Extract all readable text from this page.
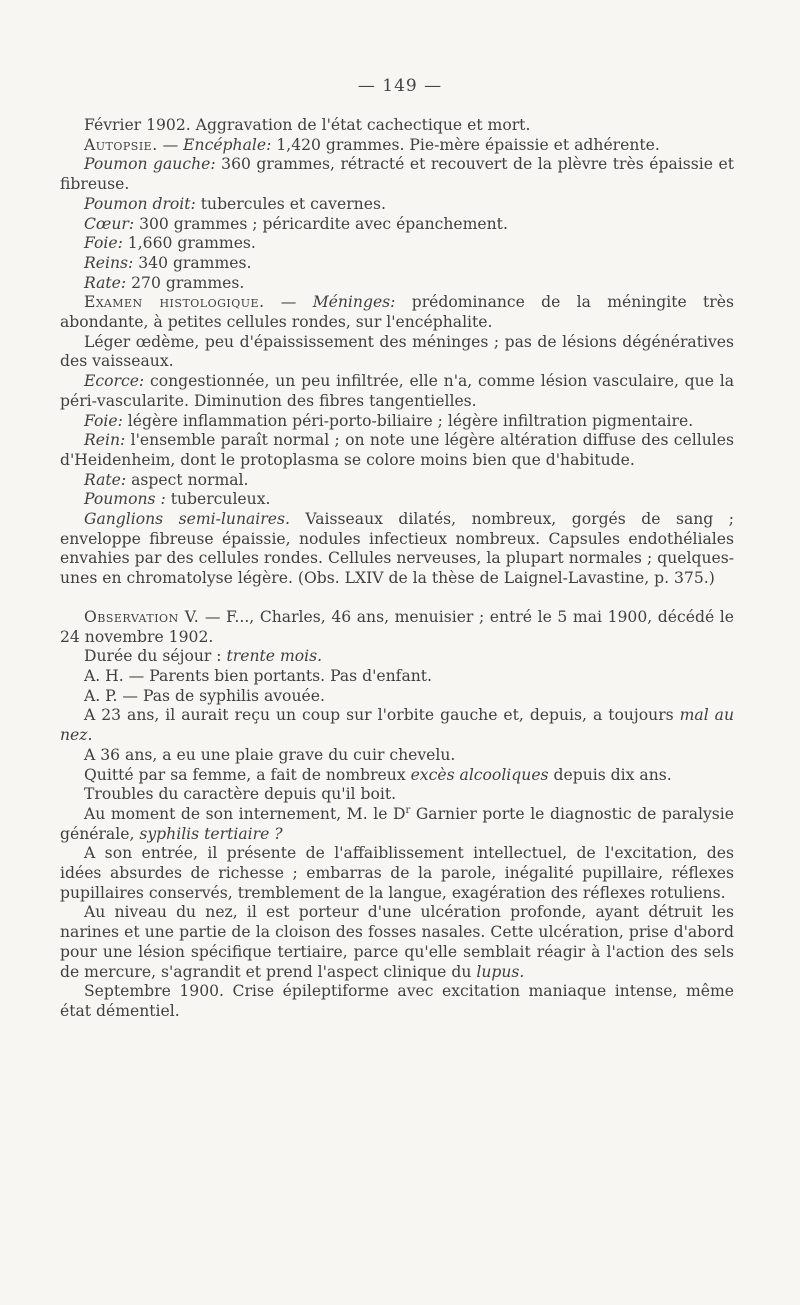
— 149 —

Février 1902. Aggravation de l'état cachectique et mort.

Autopsie. — Encéphale: 1,420 grammes. Pie-mère épaissie et adhérente.

Poumon gauche: 360 grammes, rétracté et recouvert de la plèvre très épaissie et fibreuse.

Poumon droit: tubercules et cavernes.

Cœur: 300 grammes ; péricardite avec épanchement.

Foie: 1,660 grammes.

Reins: 340 grammes.

Rate: 270 grammes.

Examen histologique. — Méninges: prédominance de la méningite très abondante, à petites cellules rondes, sur l'encéphalite.

Léger œdème, peu d'épaississement des méninges ; pas de lésions dégénératives des vaisseaux.

Ecorce: congestionnée, un peu infiltrée, elle n'a, comme lésion vasculaire, que la péri-vascularite. Diminution des fibres tangentielles.

Foie: légère inflammation péri-porto-biliaire ; légère infiltration pigmentaire.

Rein: l'ensemble paraît normal ; on note une légère altération diffuse des cellules d'Heidenheim, dont le protoplasma se colore moins bien que d'habitude.

Rate: aspect normal.

Poumons : tuberculeux.

Ganglions semi-lunaires. Vaisseaux dilatés, nombreux, gorgés de sang ; enveloppe fibreuse épaissie, nodules infectieux nombreux. Capsules endothéliales envahies par des cellules rondes. Cellules nerveuses, la plupart normales ; quelques-unes en chromatolyse légère. (Obs. LXIV de la thèse de Laignel-Lavastine, p. 375.)

Observation V. — F..., Charles, 46 ans, menuisier ; entré le 5 mai 1900, décédé le 24 novembre 1902.

Durée du séjour : trente mois.

A. H. — Parents bien portants. Pas d'enfant.

A. P. — Pas de syphilis avouée.

A 23 ans, il aurait reçu un coup sur l'orbite gauche et, depuis, a toujours mal au nez.

A 36 ans, a eu une plaie grave du cuir chevelu.

Quitté par sa femme, a fait de nombreux excès alcooliques depuis dix ans.

Troubles du caractère depuis qu'il boit.

Au moment de son internement, M. le $D^r$ Garnier porte le diagnostic de paralysie générale, syphilis tertiaire ?

A son entrée, il présente de l'affaiblissement intellectuel, de l'excitation, des idées absurdes de richesse ; embarras de la parole, inégalité pupillaire, réflexes pupillaires conservés, tremblement de la langue, exagération des réflexes rotuliens.

Au niveau du nez, il est porteur d'une ulcération profonde, ayant détruit les narines et une partie de la cloison des fosses nasales. Cette ulcération, prise d'abord pour une lésion spécifique tertiaire, parce qu'elle semblait réagir à l'action des sels de mercure, s'agrandit et prend l'aspect clinique du lupus.

Septembre 1900. Crise épileptiforme avec excitation maniaque intense, même état démentiel.
